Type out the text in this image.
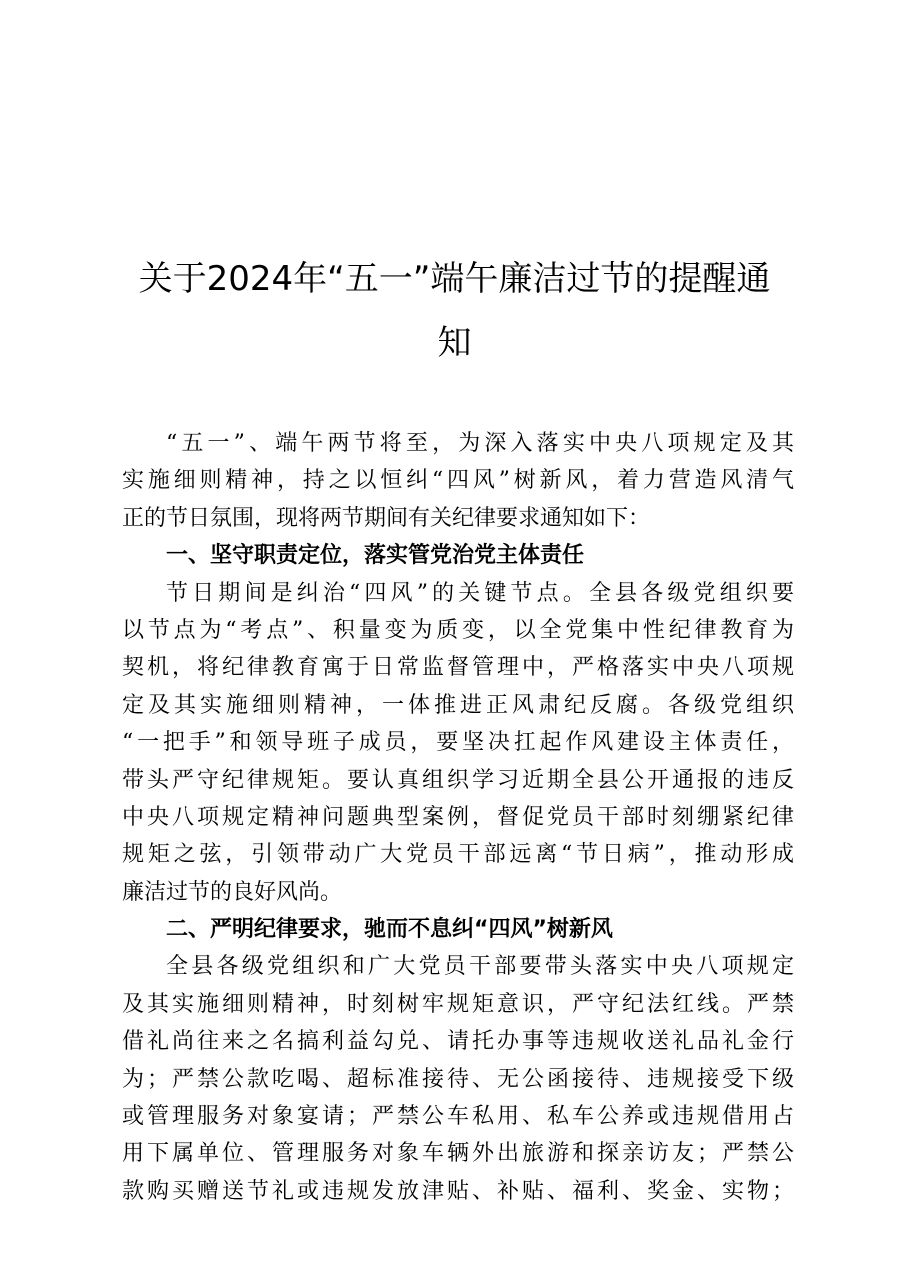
关于2024年“五一”端午廉洁过节的提醒通
知
“五一”、端午两节将至，为深入落实中央八项规定及其
实施细则精神，持之以恒纠“四风”树新风，着力营造风清气
正的节日氛围，现将两节期间有关纪律要求通知如下：
一、坚守职责定位，落实管党治党主体责任
节日期间是纠治“四风”的关键节点。全县各级党组织要
以节点为“考点”、积量变为质变，以全党集中性纪律教育为
契机，将纪律教育寓于日常监督管理中，严格落实中央八项规
定及其实施细则精神，一体推进正风肃纪反腐。各级党组织
“一把手”和领导班子成员，要坚决扛起作风建设主体责任，
带头严守纪律规矩。要认真组织学习近期全县公开通报的违反
中央八项规定精神问题典型案例，督促党员干部时刻绷紧纪律
规矩之弦，引领带动广大党员干部远离“节日病”，推动形成
廉洁过节的良好风尚。
二、严明纪律要求，驰而不息纠“四风”树新风
全县各级党组织和广大党员干部要带头落实中央八项规定
及其实施细则精神，时刻树牢规矩意识，严守纪法红线。严禁
借礼尚往来之名搞利益勾兑、请托办事等违规收送礼品礼金行
为；严禁公款吃喝、超标准接待、无公函接待、违规接受下级
或管理服务对象宴请；严禁公车私用、私车公养或违规借用占
用下属单位、管理服务对象车辆外出旅游和探亲访友；严禁公
款购买赠送节礼或违规发放津贴、补贴、福利、奖金、实物；
